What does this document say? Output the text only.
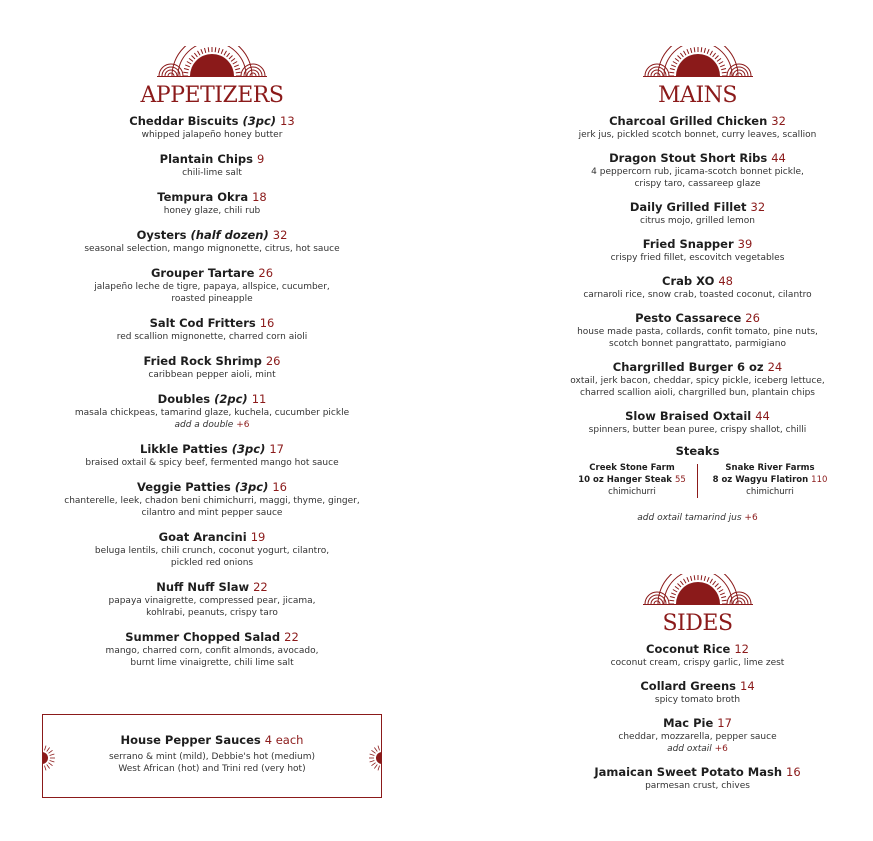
APPETIZERS
Cheddar Biscuits (3pc) 13
whipped jalapeño honey butter
Plantain Chips 9
chili-lime salt
Tempura Okra 18
honey glaze, chili rub
Oysters (half dozen) 32
seasonal selection, mango mignonette, citrus, hot sauce
Grouper Tartare 26
jalapeño leche de tigre, papaya, allspice, cucumber,
roasted pineapple
Salt Cod Fritters 16
red scallion mignonette, charred corn aioli
Fried Rock Shrimp 26
caribbean pepper aioli, mint
Doubles (2pc) 11
masala chickpeas, tamarind glaze, kuchela, cucumber pickle
add a double +6
Likkle Patties (3pc) 17
braised oxtail & spicy beef, fermented mango hot sauce
Veggie Patties (3pc) 16
chanterelle, leek, chadon beni chimichurri, maggi, thyme, ginger,
cilantro and mint pepper sauce
Goat Arancini 19
beluga lentils, chili crunch, coconut yogurt, cilantro,
pickled red onions
Nuff Nuff Slaw 22
papaya vinaigrette, compressed pear, jicama,
kohlrabi, peanuts, crispy taro
Summer Chopped Salad 22
mango, charred corn, confit almonds, avocado,
burnt lime vinaigrette, chili lime salt
House Pepper Sauces 4 each
serrano & mint (mild), Debbie's hot (medium)
West African (hot) and Trini red (very hot)
MAINS
Charcoal Grilled Chicken 32
jerk jus, pickled scotch bonnet, curry leaves, scallion
Dragon Stout Short Ribs 44
4 peppercorn rub, jicama-scotch bonnet pickle,
crispy taro, cassareep glaze
Daily Grilled Fillet 32
citrus mojo, grilled lemon
Fried Snapper 39
crispy fried fillet, escovitch vegetables
Crab XO 48
carnaroli rice, snow crab, toasted coconut, cilantro
Pesto Cassarece 26
house made pasta, collards, confit tomato, pine nuts,
scotch bonnet pangrattato, parmigiano
Chargrilled Burger 6 oz 24
oxtail, jerk bacon, cheddar, spicy pickle, iceberg lettuce,
charred scallion aioli, chargrilled bun, plantain chips
Slow Braised Oxtail 44
spinners, butter bean puree, crispy shallot, chilli
Steaks
Creek Stone Farm
10 oz Hanger Steak 55
chimichurri
Snake River Farms
8 oz Wagyu Flatiron 110
chimichurri
add oxtail tamarind jus +6
SIDES
Coconut Rice 12
coconut cream, crispy garlic, lime zest
Collard Greens 14
spicy tomato broth
Mac Pie 17
cheddar, mozzarella, pepper sauce
add oxtail +6
Jamaican Sweet Potato Mash 16
parmesan crust, chives
